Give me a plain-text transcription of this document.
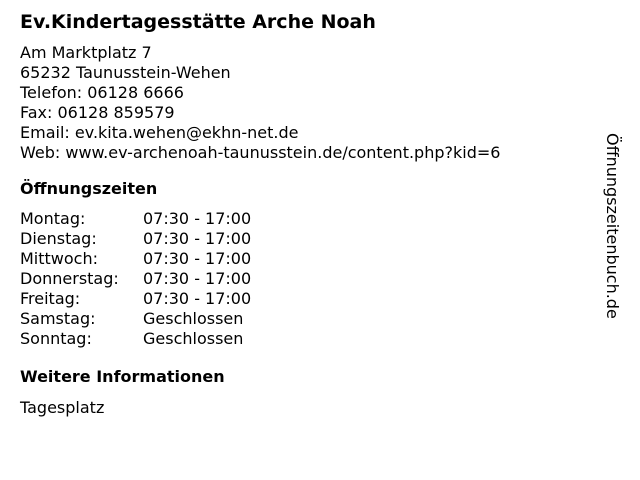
Ev.Kindertagesstätte Arche Noah
Am Marktplatz 7
65232 Taunusstein-Wehen
Telefon: 06128 6666
Fax: 06128 859579
Email: ev.kita.wehen@ekhn-net.de
Web: www.ev-archenoah-taunusstein.de/content.php?kid=6
Öffnungszeiten
Montag:	07:30 - 17:00
Dienstag:	07:30 - 17:00
Mittwoch:	07:30 - 17:00
Donnerstag:	07:30 - 17:00
Freitag:	07:30 - 17:00
Samstag:	Geschlossen
Sonntag:	Geschlossen
Weitere Informationen
Tagesplatz
Öffnungszeitenbuch.de
